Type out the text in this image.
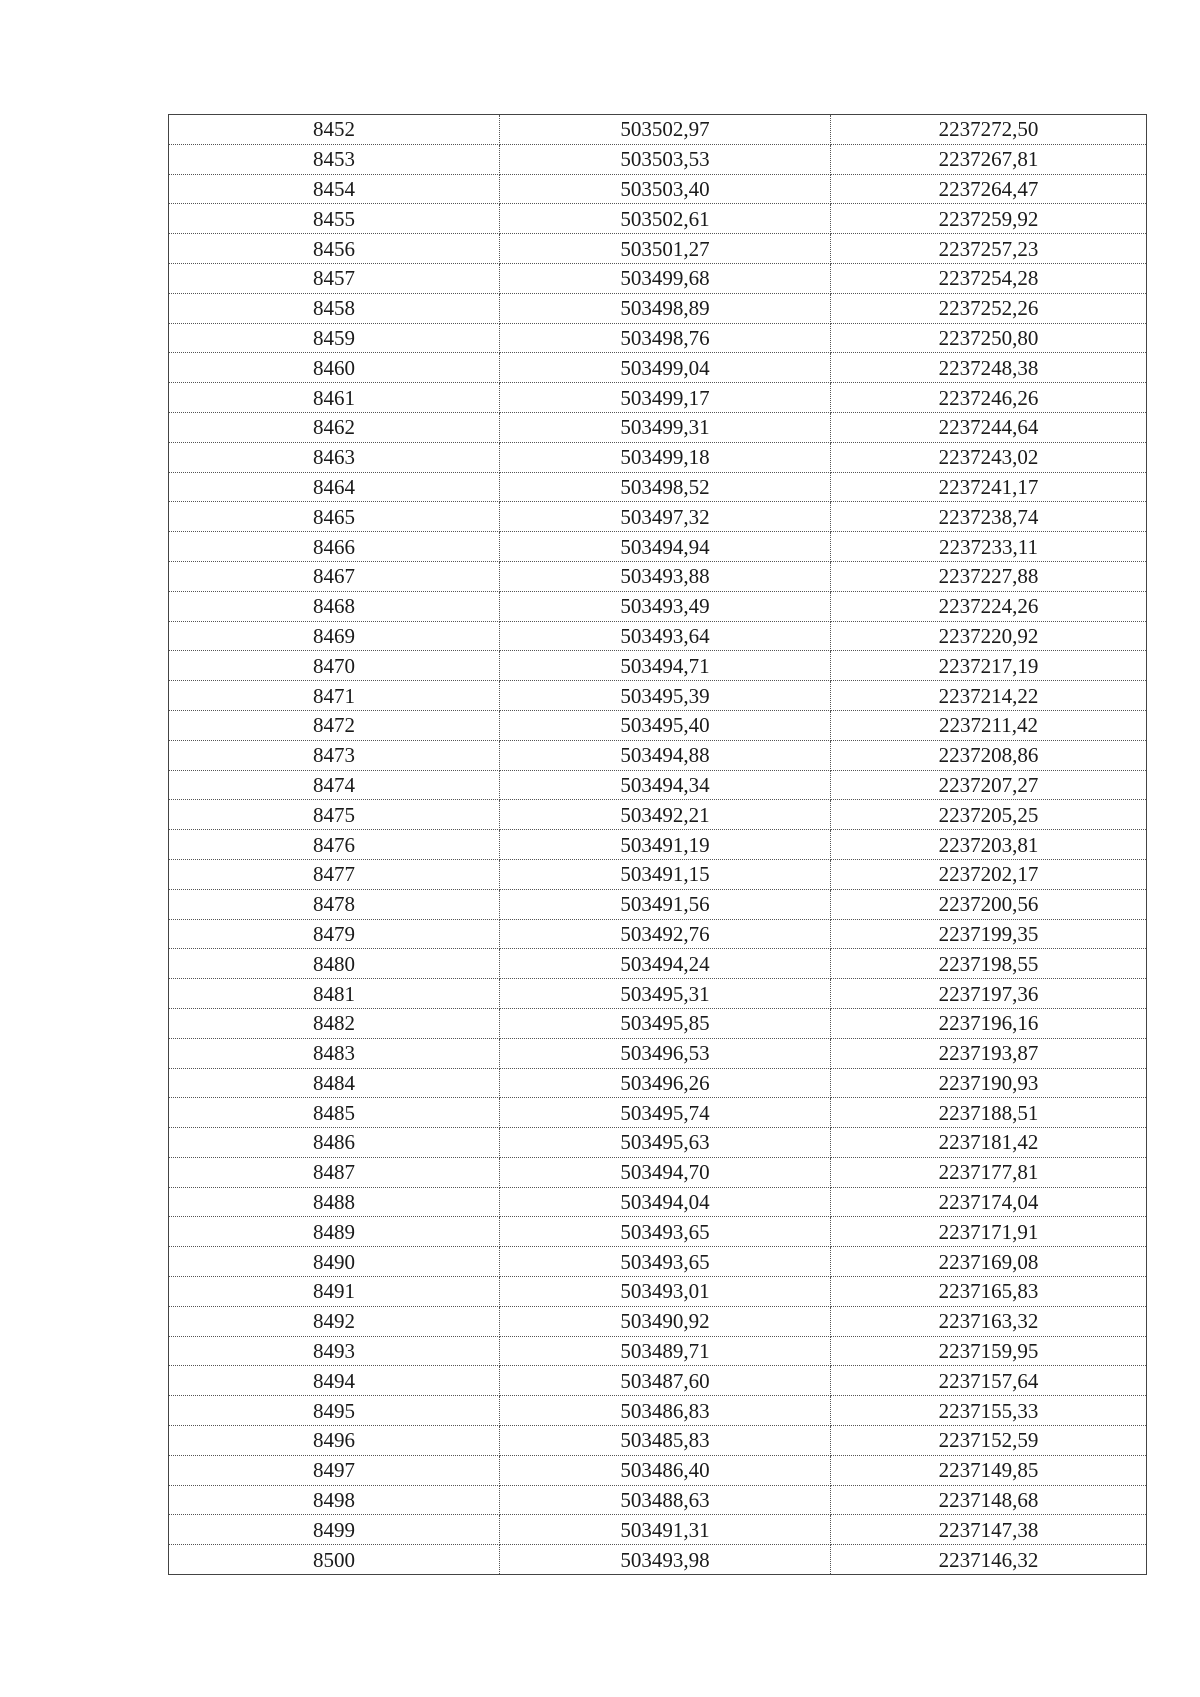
8452	503502,97	2237272,50
8453	503503,53	2237267,81
8454	503503,40	2237264,47
8455	503502,61	2237259,92
8456	503501,27	2237257,23
8457	503499,68	2237254,28
8458	503498,89	2237252,26
8459	503498,76	2237250,80
8460	503499,04	2237248,38
8461	503499,17	2237246,26
8462	503499,31	2237244,64
8463	503499,18	2237243,02
8464	503498,52	2237241,17
8465	503497,32	2237238,74
8466	503494,94	2237233,11
8467	503493,88	2237227,88
8468	503493,49	2237224,26
8469	503493,64	2237220,92
8470	503494,71	2237217,19
8471	503495,39	2237214,22
8472	503495,40	2237211,42
8473	503494,88	2237208,86
8474	503494,34	2237207,27
8475	503492,21	2237205,25
8476	503491,19	2237203,81
8477	503491,15	2237202,17
8478	503491,56	2237200,56
8479	503492,76	2237199,35
8480	503494,24	2237198,55
8481	503495,31	2237197,36
8482	503495,85	2237196,16
8483	503496,53	2237193,87
8484	503496,26	2237190,93
8485	503495,74	2237188,51
8486	503495,63	2237181,42
8487	503494,70	2237177,81
8488	503494,04	2237174,04
8489	503493,65	2237171,91
8490	503493,65	2237169,08
8491	503493,01	2237165,83
8492	503490,92	2237163,32
8493	503489,71	2237159,95
8494	503487,60	2237157,64
8495	503486,83	2237155,33
8496	503485,83	2237152,59
8497	503486,40	2237149,85
8498	503488,63	2237148,68
8499	503491,31	2237147,38
8500	503493,98	2237146,32
